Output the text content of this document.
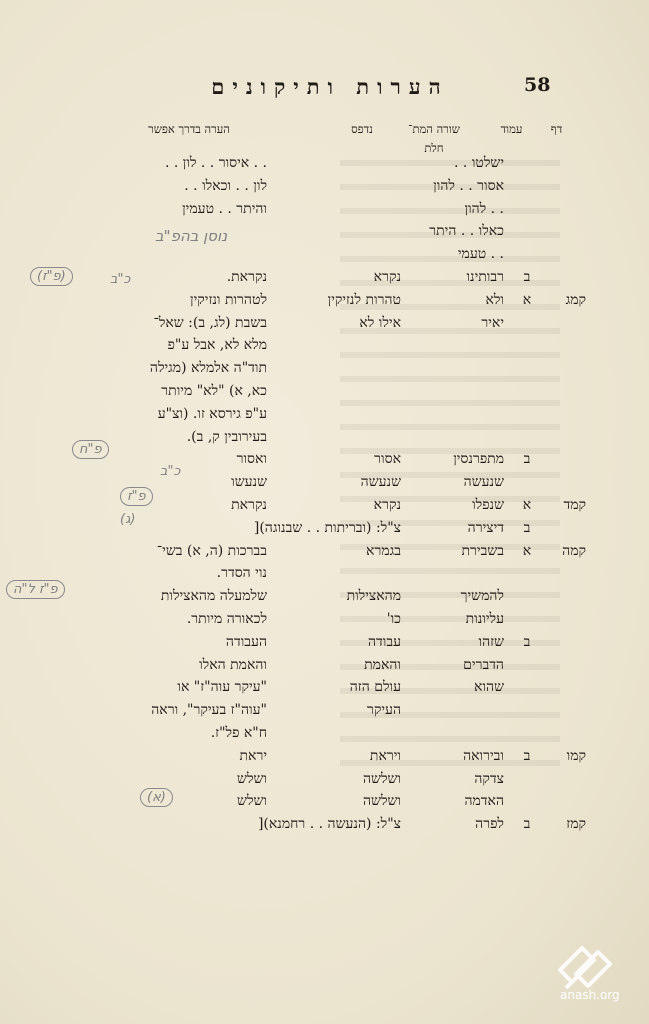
58
הערות ותיקונים
דף
עמוד
שורה המת־ חלת
נדפס
הערה בדרך אפשר
ישלטו . .
. . איסור . . לון . .
אסור . . להון
לון . . וכאלו . .
. . להון
והיתר . . טעמין
כאלו . . היתר
. . טעמי
ב
רבותינו
נקרא
נקראת.
קמג
א
ולא
טהרות לנזיקין
לטהרות ונזיקין
יאיר
אילו לא
בשבת (לג, ב): שאל־
מלא לא, אבל ע"פ
תוד"ה אלמלא (מגילה
כא, א) "לא" מיותר
ע"פ גירסא זו. (וצ"ע
בעירובין ק, ב).
ב
מתפרנסין
אסור
ואסור
שנעשה
שנעשה
שנעשו
קמד
א
שנפלו
נקרא
נקראת
ב
דיצירה
צ"ל: (ובריתות . . שבנוגה)[
קמה
א
בשבירת
בגמרא
בברכות (ה, א) בשי־
נוי הסדר.
להמשיך
מהאצילות
שלמעלה מהאצילות
עליונות
כו'
לכאורה מיותר.
ב
שזהו
עבודה
העבודה
הדברים
והאמת
והאמת האלו
שהוא
עולם הזה
"עיקר עוה"ז" או
העיקר
"עוה"ז בעיקר", וראה
ח"א פל"ז.
קמו
ב
ובירואה
ויראת
יראת
צדקה
ושלשה
ושלש
האדמה
ושלשה
ושלש
קמז
ב
לפרה
צ"ל: (הנעשה . . רחמנא)[
נוסן בהפ"ב
(פ"ז)	כ"ב
פ"ח
כ"ב
פ"ז
(ג)
פ"ז ל"ה
(א)
anash.org
